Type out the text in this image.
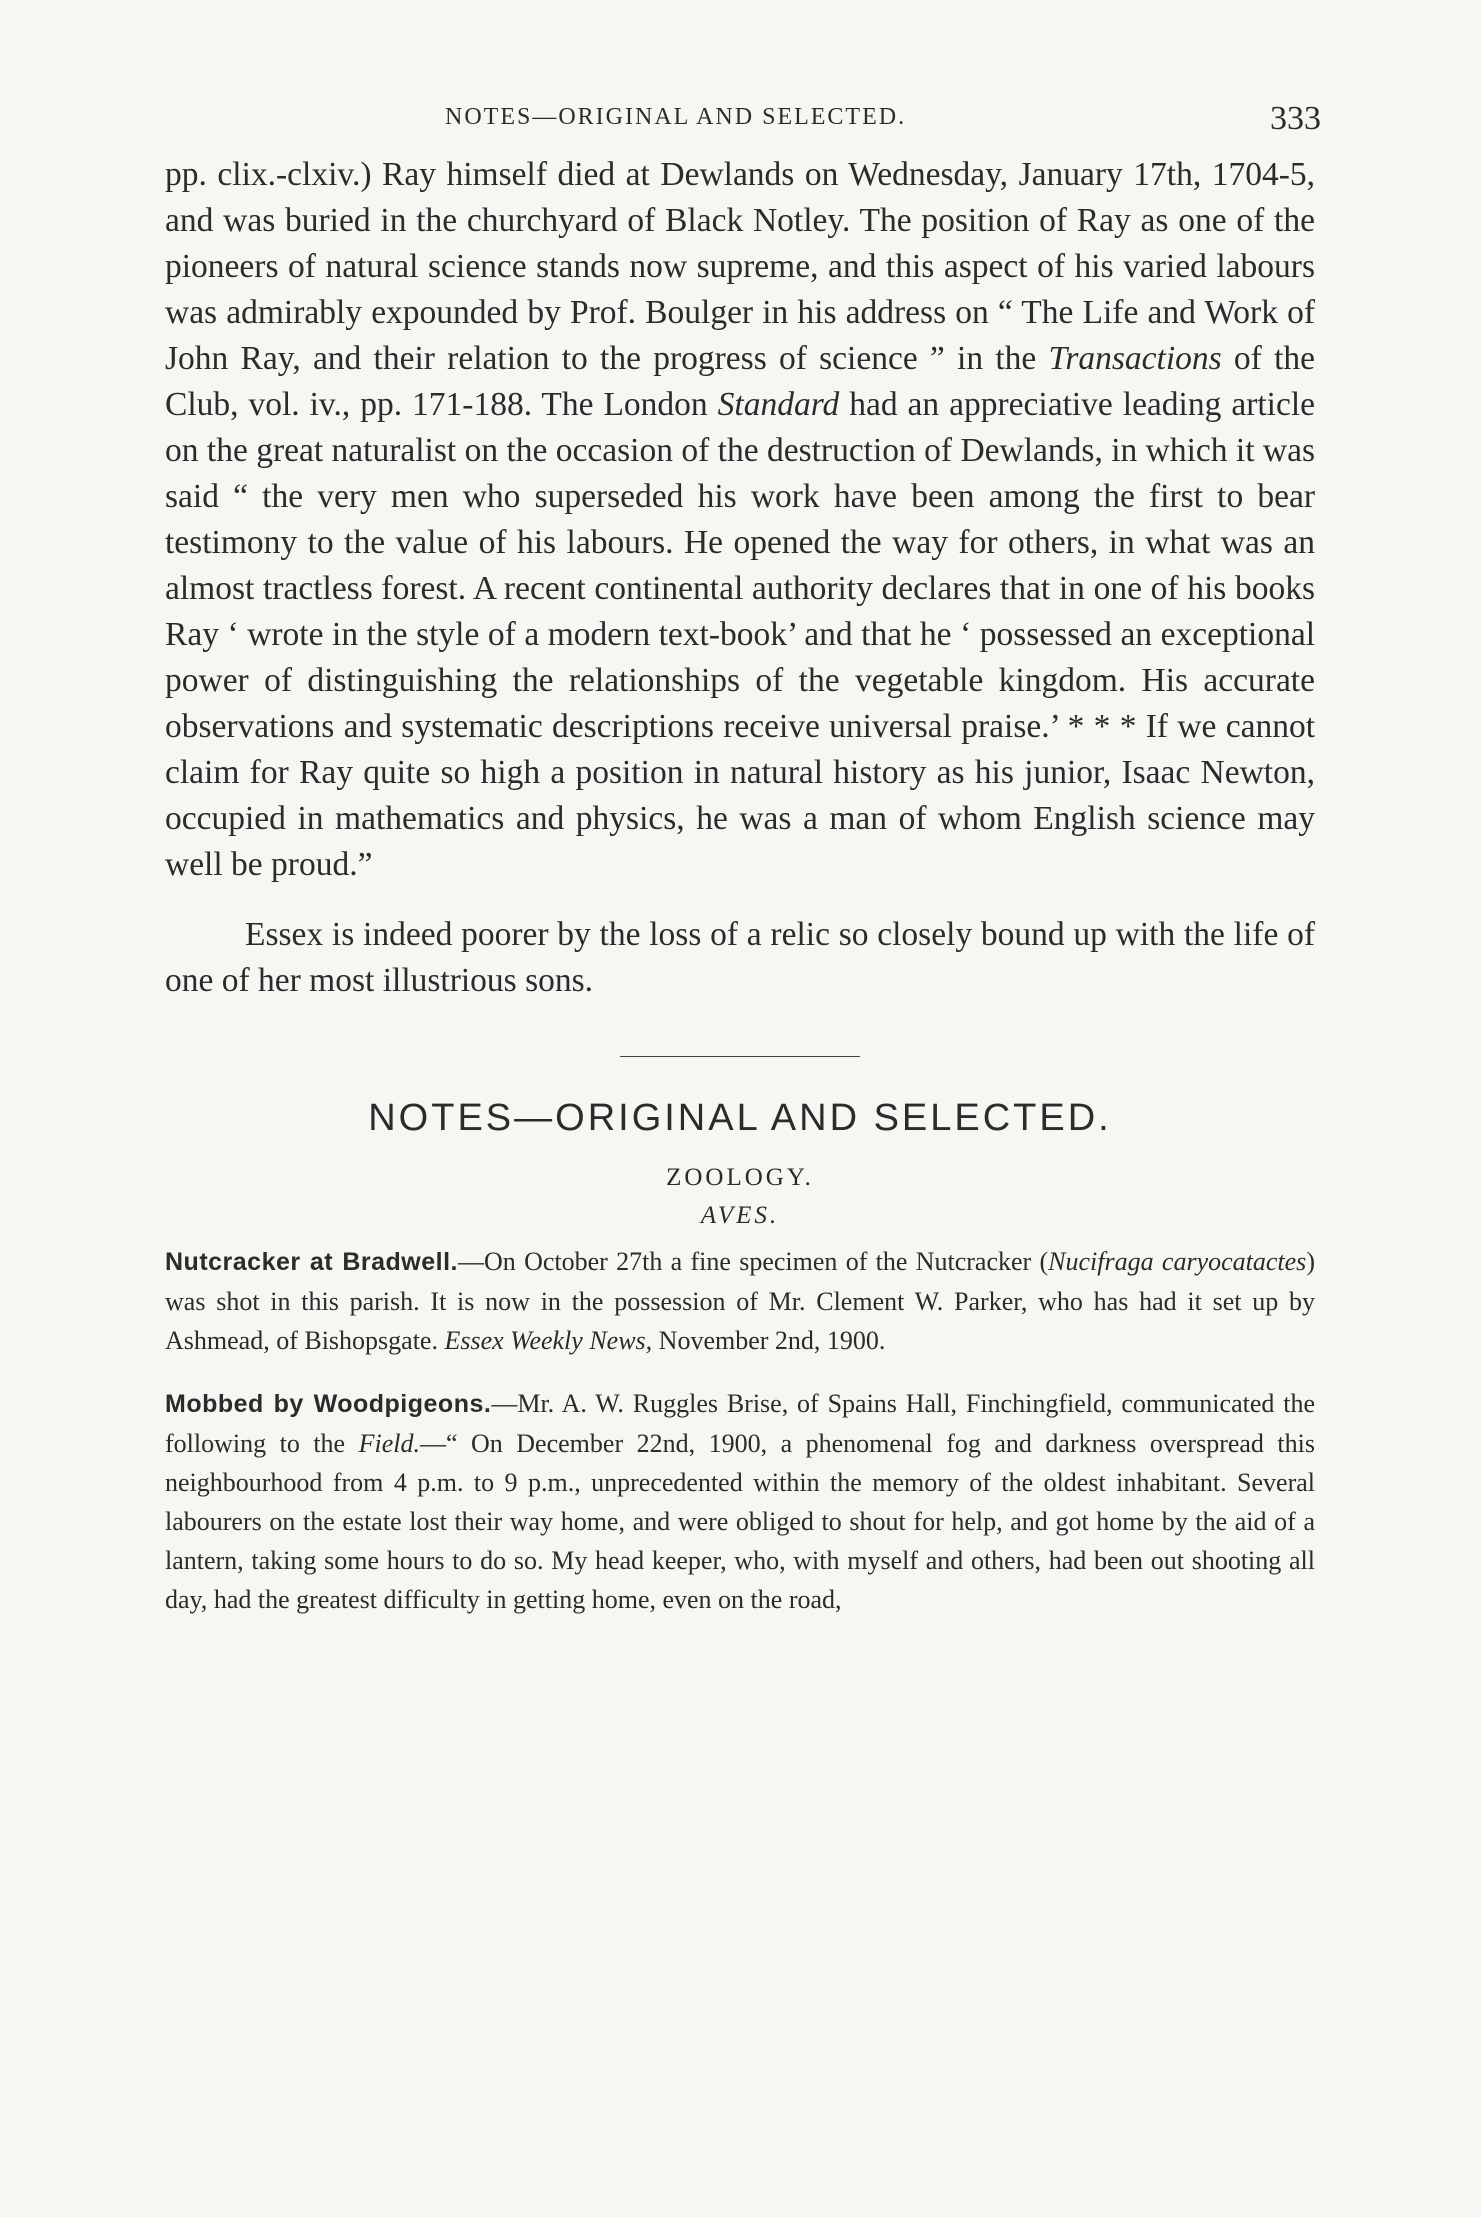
NOTES—ORIGINAL AND SELECTED.	333

pp. clix.-clxiv.) Ray himself died at Dewlands on Wednesday, January 17th, 1704-5, and was buried in the churchyard of Black Notley. The position of Ray as one of the pioneers of natural science stands now supreme, and this aspect of his varied labours was admirably expounded by Prof. Boulger in his address on “ The Life and Work of John Ray, and their relation to the progress of science ” in the Transactions of the Club, vol. iv., pp. 171-188. The London Standard had an appreciative leading article on the great naturalist on the occasion of the destruction of Dewlands, in which it was said “ the very men who superseded his work have been among the first to bear testimony to the value of his labours. He opened the way for others, in what was an almost tractless forest. A recent continental authority declares that in one of his books Ray ‘ wrote in the style of a modern text-book’ and that he ‘ possessed an exceptional power of distinguishing the relationships of the vegetable kingdom. His accurate observations and systematic descriptions receive universal praise.’ * * * If we cannot claim for Ray quite so high a position in natural history as his junior, Isaac Newton, occupied in mathematics and physics, he was a man of whom English science may well be proud.”

Essex is indeed poorer by the loss of a relic so closely bound up with the life of one of her most illustrious sons.

NOTES—ORIGINAL AND SELECTED.
ZOOLOGY.
AVES.

Nutcracker at Bradwell.—On October 27th a fine specimen of the Nutcracker (Nucifraga caryocatactes) was shot in this parish. It is now in the possession of Mr. Clement W. Parker, who has had it set up by Ashmead, of Bishopsgate. Essex Weekly News, November 2nd, 1900.

Mobbed by Woodpigeons.—Mr. A. W. Ruggles Brise, of Spains Hall, Finchingfield, communicated the following to the Field.—“ On December 22nd, 1900, a phenomenal fog and darkness overspread this neighbourhood from 4 p.m. to 9 p.m., unprecedented within the memory of the oldest inhabitant. Several labourers on the estate lost their way home, and were obliged to shout for help, and got home by the aid of a lantern, taking some hours to do so. My head keeper, who, with myself and others, had been out shooting all day, had the greatest difficulty in getting home, even on the road,
